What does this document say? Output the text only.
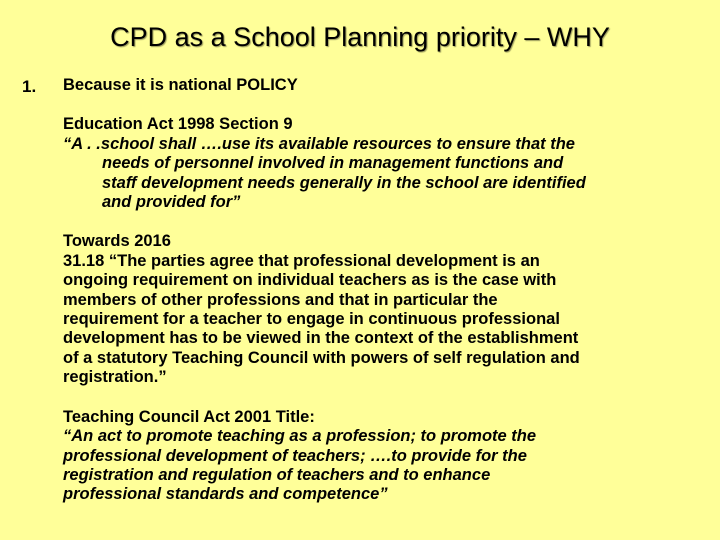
CPD as a School Planning priority – WHY
1. Because it is national POLICY
Education Act 1998 Section 9
“A . .school shall ….use its available resources to ensure that the
needs of personnel involved in management functions and
staff development needs generally in the school are identified
and provided for”
Towards 2016
31.18 “The parties agree that professional development is an
ongoing requirement on individual teachers as is the case with
members of other professions and that in particular the
requirement for a teacher to engage in continuous professional
development has to be viewed in the context of the establishment
of a statutory Teaching Council with powers of self regulation and
registration.”
Teaching Council Act 2001 Title:
“An act to promote teaching as a profession; to promote the
professional development of teachers; ….to provide for the
registration and regulation of teachers and to enhance
professional standards and competence”
